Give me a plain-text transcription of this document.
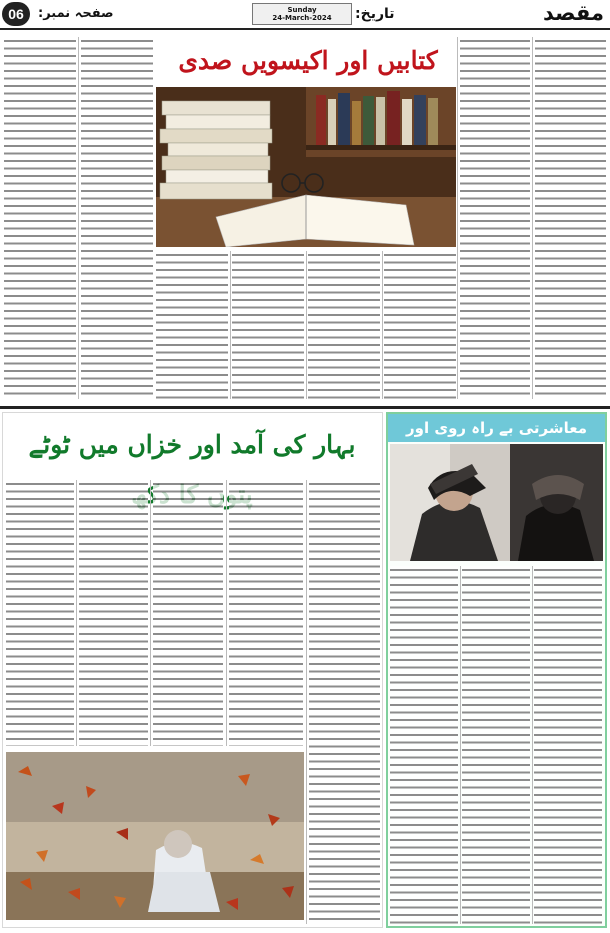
مقصد
تاریخ:
Sunday
24-March-2024
صفحہ نمبر:
06
کتابیں اور اکیسویں صدی
بہار کی آمد اور خزاں میں ٹوٹے
معاشرتی بے راہ روی اور
